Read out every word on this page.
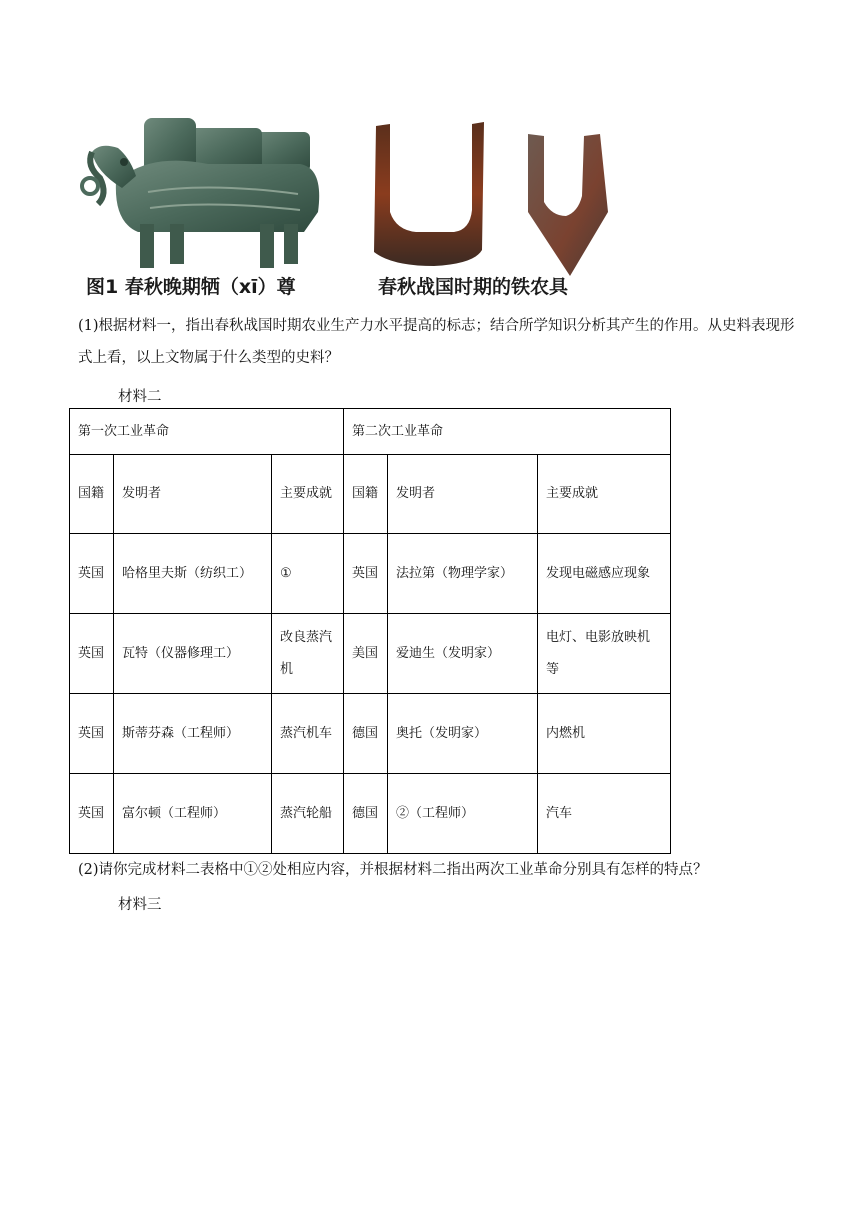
图1 春秋晚期牺（xī）尊	春秋战国时期的铁农具
(1)根据材料一，指出春秋战国时期农业生产力水平提高的标志；结合所学知识分析其产生的作用。从史料表现形式上看，以上文物属于什么类型的史料？
材料二
第一次工业革命			第二次工业革命		
国籍	发明者	主要成就	国籍	发明者	主要成就
英国	哈格里夫斯（纺织工）	①	英国	法拉第（物理学家）	发现电磁感应现象
英国	瓦特（仪器修理工）	改良蒸汽机	美国	爱迪生（发明家）	电灯、电影放映机等
英国	斯蒂芬森（工程师）	蒸汽机车	德国	奥托（发明家）	内燃机
英国	富尔顿（工程师）	蒸汽轮船	德国	②（工程师）	汽车
(2)请你完成材料二表格中①②处相应内容，并根据材料二指出两次工业革命分别具有怎样的特点？
材料三
